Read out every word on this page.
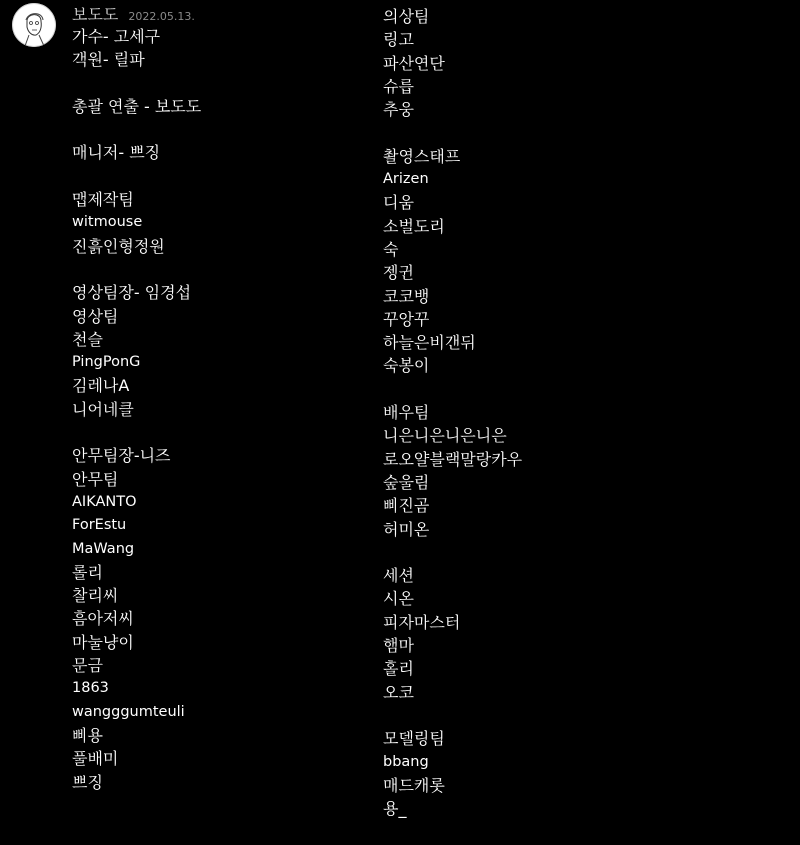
보도도 2022.05.13.
가수- 고세구
객원- 릴파
총괄 연출 - 보도도
매니저- 쁘징
맵제작팀
witmouse
진흙인형정원
영상팀장- 임경섭
영상팀
천슬
PingPonG
김레나A
니어네클
안무팀장-니즈
안무팀
AIKANTO
ForEstu
MaWang
롤리
찰리씨
흠아저씨
마눌냥이
문금
1863
wangggumteuli
삐용
풀배미
쁘징
의상팀
링고
파산연단
슈릅
추웅
촬영스태프
Arizen
디움
소벌도리
숙
젱귄
코코뱅
꾸앙꾸
하늘은비갠뒤
숙봉이
배우팀
니은니은니은니은
로오얄블랙말랑카우
숲울림
삐진곰
허미온
세션
시온
피자마스터
햄마
홀리
오코
모델링팀
bbang
매드캐롯
용_
